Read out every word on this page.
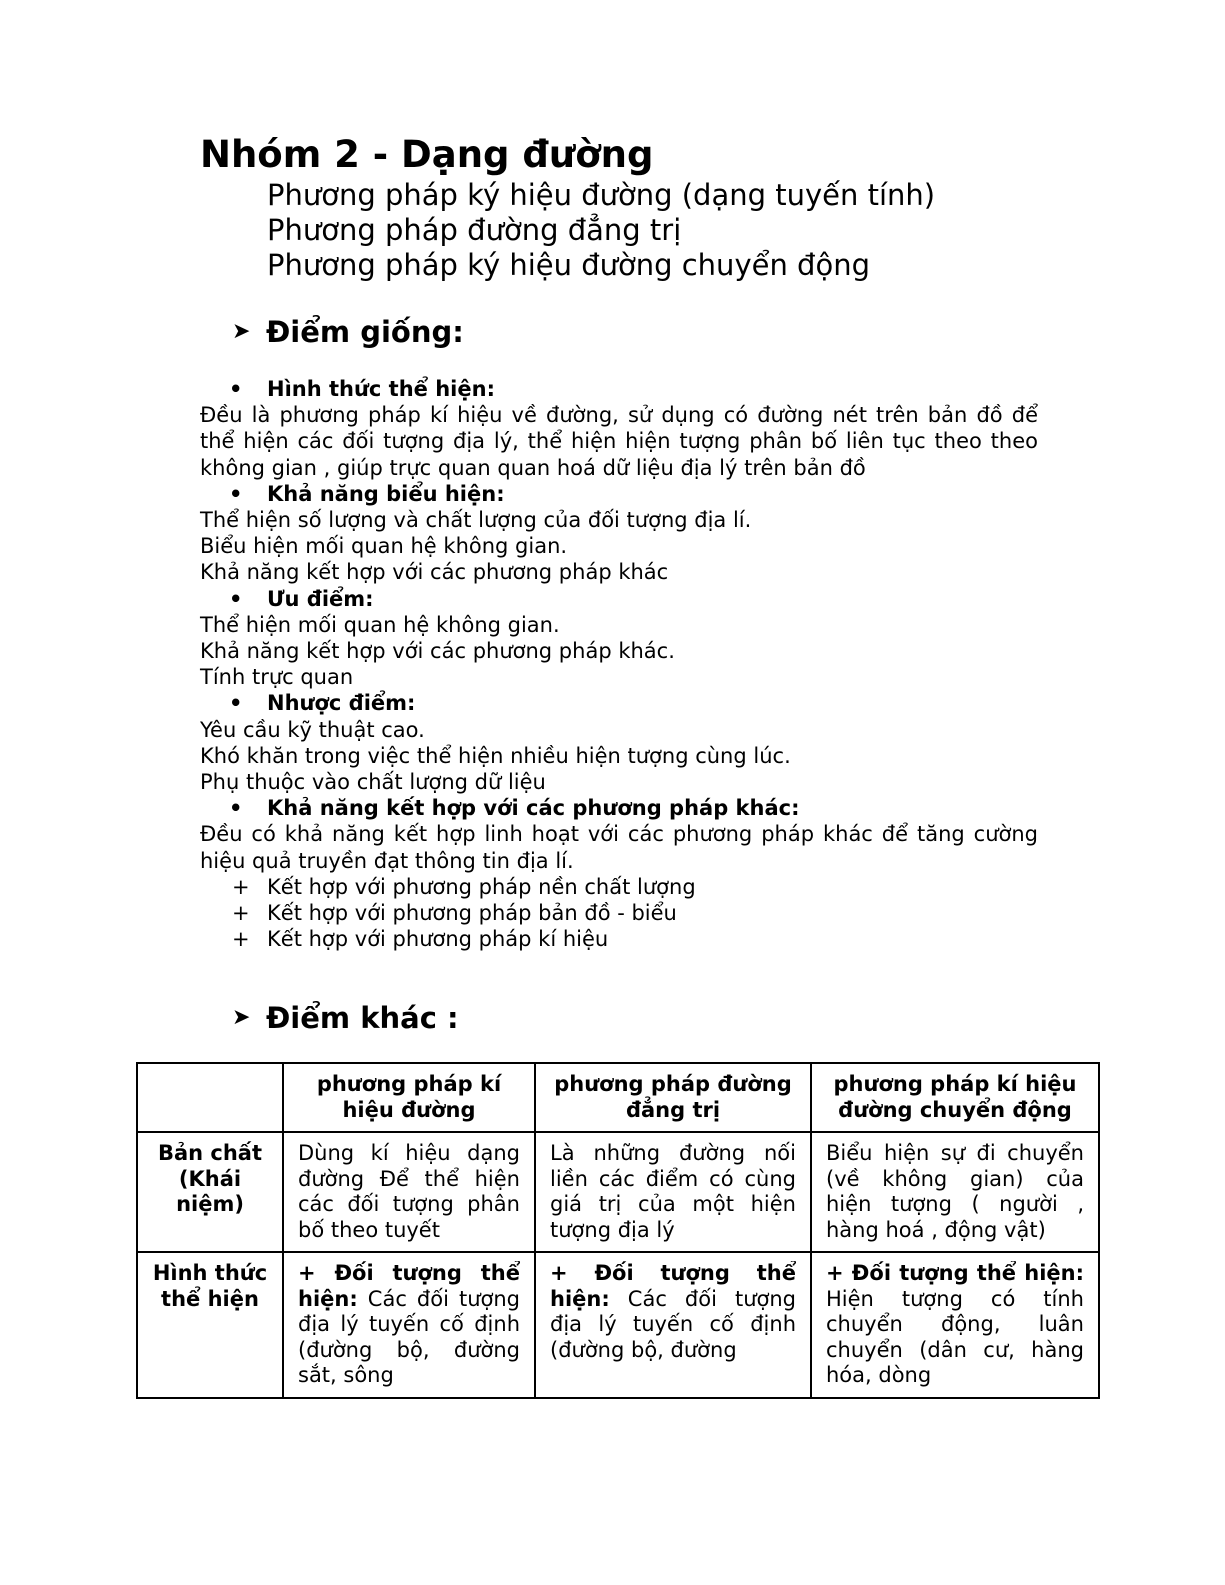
Nhóm 2 - Dạng đường
Phương pháp ký hiệu đường (dạng tuyến tính)
Phương pháp đường đẳng trị
Phương pháp ký hiệu đường chuyển động
➤ Điểm giống:
• Hình thức thể hiện:
Đều là phương pháp kí hiệu về đường, sử dụng có đường nét trên bản đồ để thể hiện các đối tượng địa lý, thể hiện hiện tượng phân bố liên tục theo theo không gian , giúp trực quan quan hoá dữ liệu địa lý trên bản đồ
• Khả năng biểu hiện:
Thể hiện số lượng và chất lượng của đối tượng địa lí.
Biểu hiện mối quan hệ không gian.
Khả năng kết hợp với các phương pháp khác
• Ưu điểm:
Thể hiện mối quan hệ không gian.
Khả năng kết hợp với các phương pháp khác.
Tính trực quan
• Nhược điểm:
Yêu cầu kỹ thuật cao.
Khó khăn trong việc thể hiện nhiều hiện tượng cùng lúc.
Phụ thuộc vào chất lượng dữ liệu
• Khả năng kết hợp với các phương pháp khác:
Đều có khả năng kết hợp linh hoạt với các phương pháp khác để tăng cường hiệu quả truyền đạt thông tin địa lí.
+ Kết hợp với phương pháp nền chất lượng
+ Kết hợp với phương pháp bản đồ - biểu
+ Kết hợp với phương pháp kí hiệu
➤ Điểm khác :
	phương pháp kí hiệu đường	phương pháp đường đẳng trị	phương pháp kí hiệu đường chuyển động
Bản chất (Khái niệm)	Dùng kí hiệu dạng đường Để thể hiện các đối tượng phân bố theo tuyết	Là những đường nối liền các điểm có cùng giá trị của một hiện tượng địa lý	Biểu hiện sự đi chuyển (về không gian) của hiện tượng ( người , hàng hoá , động vật)
Hình thức thể hiện	+ Đối tượng thể hiện: Các đối tượng địa lý tuyến cố định (đường bộ, đường sắt, sông	+ Đối tượng thể hiện: Các đối tượng địa lý tuyến cố định (đường bộ, đường	+ Đối tượng thể hiện: Hiện tượng có tính chuyển động, luân chuyển (dân cư, hàng hóa, dòng
